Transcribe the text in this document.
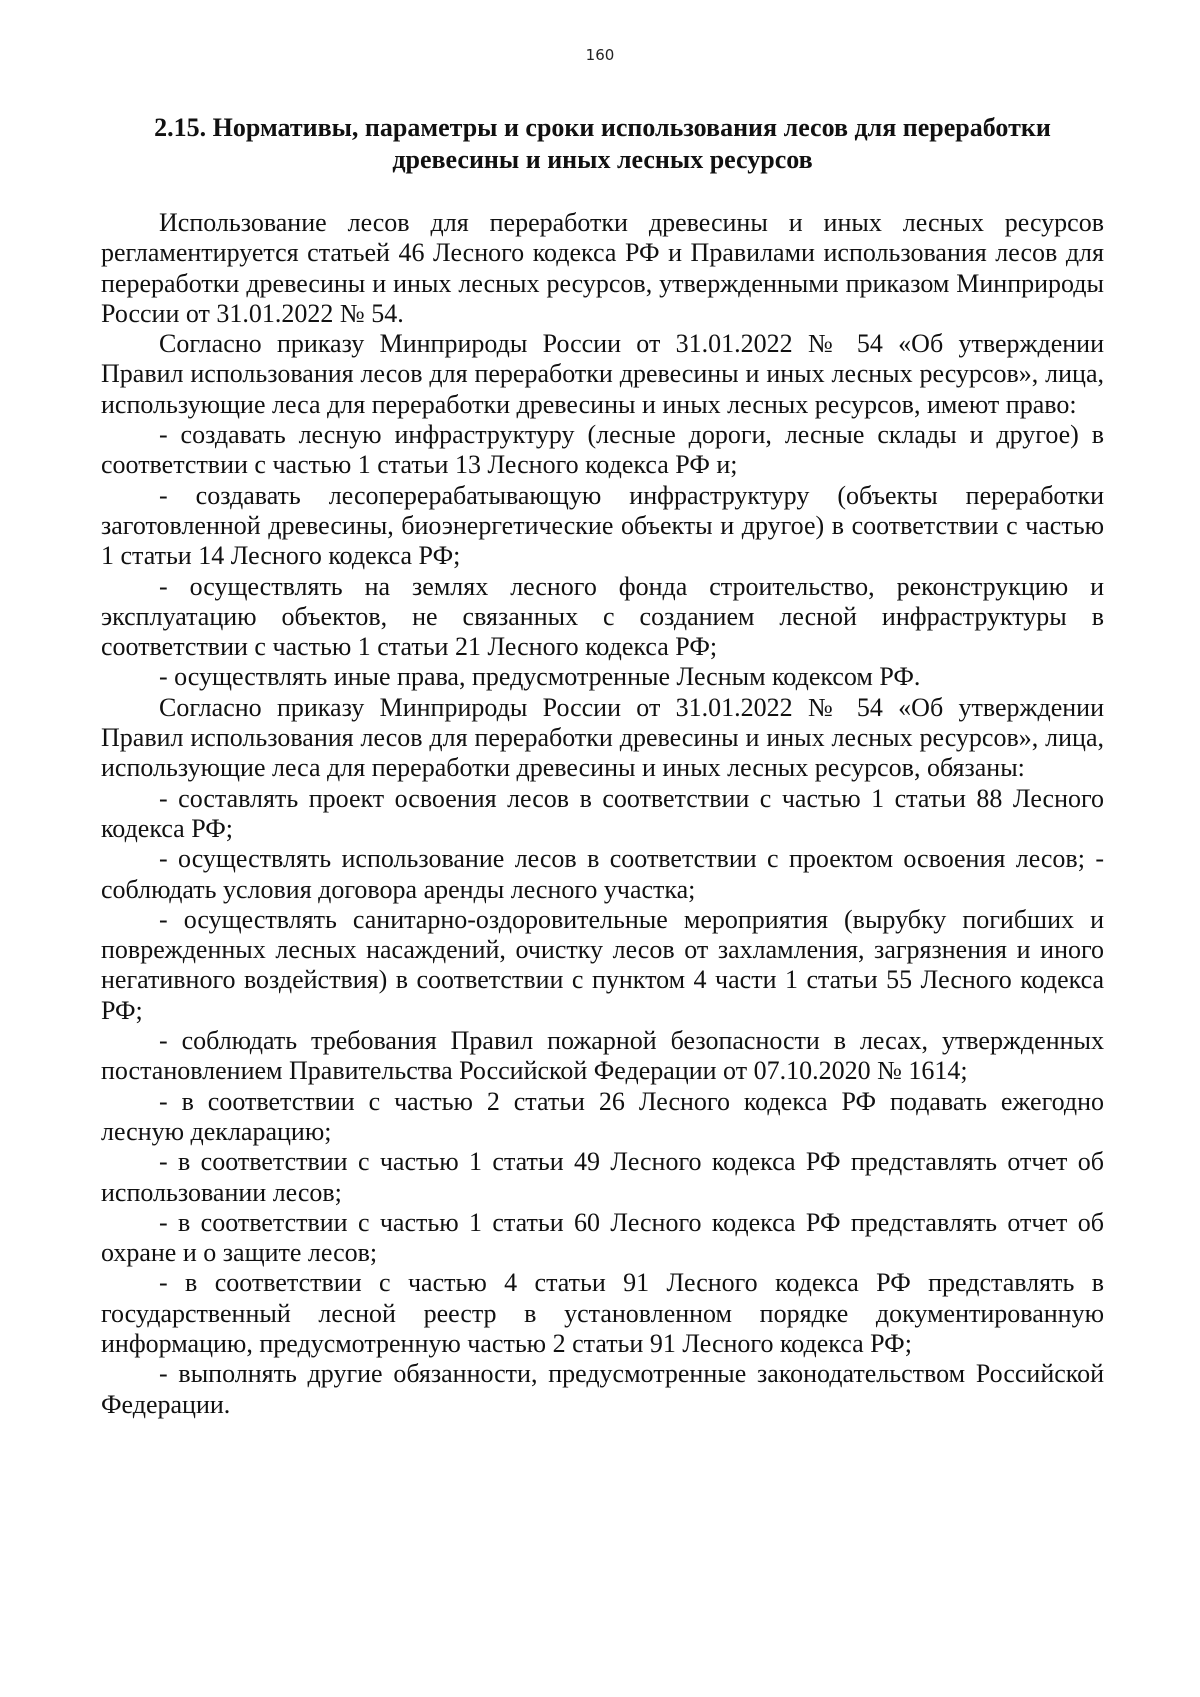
160
2.15. Нормативы, параметры и сроки использования лесов для переработки
древесины и иных лесных ресурсов

Использование лесов для переработки древесины и иных лесных ресурсов регламентируется статьей 46 Лесного кодекса РФ и Правилами использования лесов для переработки древесины и иных лесных ресурсов, утвержденными приказом Минприроды России от 31.01.2022 № 54.

Согласно приказу Минприроды России от 31.01.2022 № 54 «Об утверждении Правил использования лесов для переработки древесины и иных лесных ресурсов», лица, использующие леса для переработки древесины и иных лесных ресурсов, имеют право:

- создавать лесную инфраструктуру (лесные дороги, лесные склады и другое) в соответствии с частью 1 статьи 13 Лесного кодекса РФ и;

- создавать лесоперерабатывающую инфраструктуру (объекты переработки заготовленной древесины, биоэнергетические объекты и другое) в соответствии с частью 1 статьи 14 Лесного кодекса РФ;

- осуществлять на землях лесного фонда строительство, реконструкцию и эксплуатацию объектов, не связанных с созданием лесной инфраструктуры в соответствии с частью 1 статьи 21 Лесного кодекса РФ;

- осуществлять иные права, предусмотренные Лесным кодексом РФ.

Согласно приказу Минприроды России от 31.01.2022 № 54 «Об утверждении Правил использования лесов для переработки древесины и иных лесных ресурсов», лица, использующие леса для переработки древесины и иных лесных ресурсов, обязаны:

- составлять проект освоения лесов в соответствии с частью 1 статьи 88 Лесного кодекса РФ;

- осуществлять использование лесов в соответствии с проектом освоения лесов; - соблюдать условия договора аренды лесного участка;

- осуществлять санитарно-оздоровительные мероприятия (вырубку погибших и поврежденных лесных насаждений, очистку лесов от захламления, загрязнения и иного негативного воздействия) в соответствии с пунктом 4 части 1 статьи 55 Лесного кодекса РФ;

- соблюдать требования Правил пожарной безопасности в лесах, утвержденных постановлением Правительства Российской Федерации от 07.10.2020 № 1614;

- в соответствии с частью 2 статьи 26 Лесного кодекса РФ подавать ежегодно лесную декларацию;

- в соответствии с частью 1 статьи 49 Лесного кодекса РФ представлять отчет об использовании лесов;

- в соответствии с частью 1 статьи 60 Лесного кодекса РФ представлять отчет об охране и о защите лесов;

- в соответствии с частью 4 статьи 91 Лесного кодекса РФ представлять в государственный лесной реестр в установленном порядке документированную информацию, предусмотренную частью 2 статьи 91 Лесного кодекса РФ;

- выполнять другие обязанности, предусмотренные законодательством Российской Федерации.
